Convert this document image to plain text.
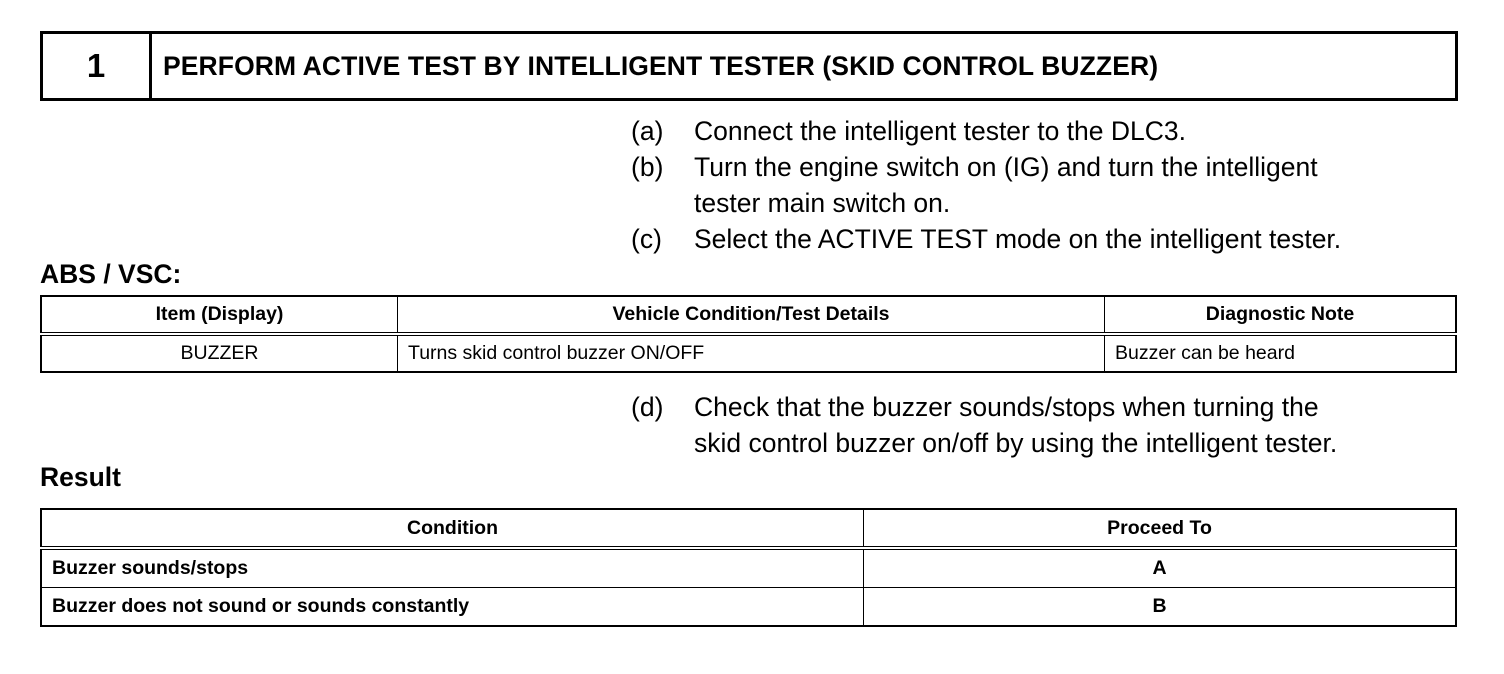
1	PERFORM ACTIVE TEST BY INTELLIGENT TESTER (SKID CONTROL BUZZER)
(a) Connect the intelligent tester to the DLC3.
(b) Turn the engine switch on (IG) and turn the intelligent
tester main switch on.
(c) Select the ACTIVE TEST mode on the intelligent tester.
ABS / VSC:
Item (Display)	Vehicle Condition/Test Details	Diagnostic Note
BUZZER	Turns skid control buzzer ON/OFF	Buzzer can be heard
(d) Check that the buzzer sounds/stops when turning the
skid control buzzer on/off by using the intelligent tester.
Result
Condition	Proceed To
Buzzer sounds/stops	A
Buzzer does not sound or sounds constantly	B
